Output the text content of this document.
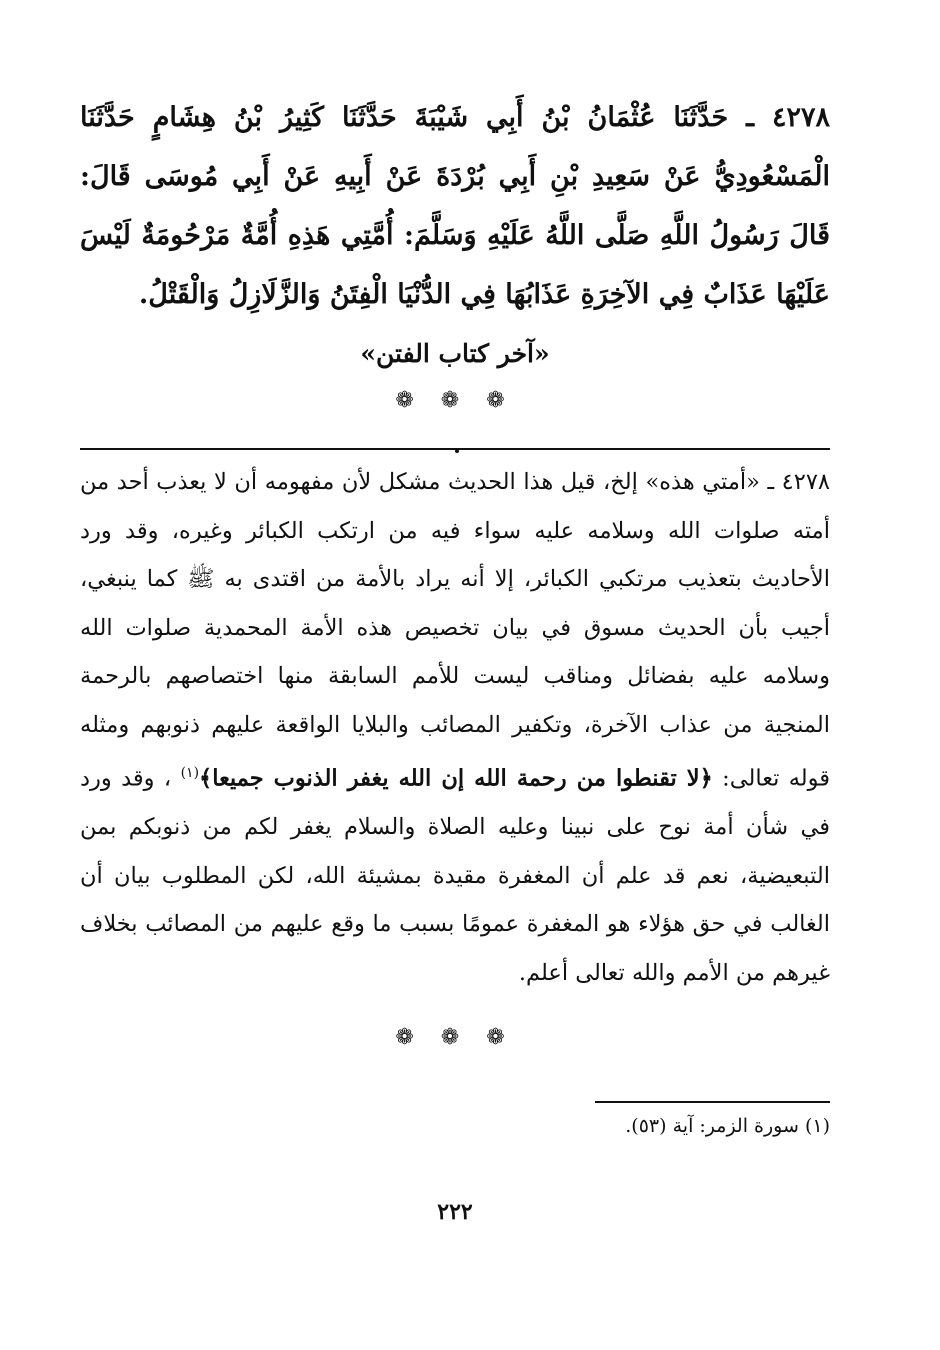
٤٢٧٨ ـ حَدَّثَنَا عُثْمَانُ بْنُ أَبِي شَيْبَةَ حَدَّثَنَا كَثِيرُ بْنُ هِشَامٍ حَدَّثَنَا الْمَسْعُودِيُّ عَنْ سَعِيدِ بْنِ أَبِي بُرْدَةَ عَنْ أَبِيهِ عَنْ أَبِي مُوسَى قَالَ: قَالَ رَسُولُ اللَّهِ صَلَّى اللَّهُ عَلَيْهِ وَسَلَّمَ: أُمَّتِي هَذِهِ أُمَّةٌ مَرْحُومَةٌ لَيْسَ عَلَيْهَا عَذَابٌ فِي الآخِرَةِ عَذَابُهَا فِي الدُّنْيَا الْفِتَنُ وَالزَّلَازِلُ وَالْقَتْلُ.

«آخر كتاب الفتن»
❁ ❁ ❁

٤٢٧٨ ـ «أمتي هذه» إلخ، قيل هذا الحديث مشكل لأن مفهومه أن لا يعذب أحد من أمته صلوات الله وسلامه عليه سواء فيه من ارتكب الكبائر وغيره، وقد ورد الأحاديث بتعذيب مرتكبي الكبائر، إلا أنه يراد بالأمة من اقتدى به ﷺ كما ينبغي، أجيب بأن الحديث مسوق في بيان تخصيص هذه الأمة المحمدية صلوات الله وسلامه عليه بفضائل ومناقب ليست للأمم السابقة منها اختصاصهم بالرحمة المنجية من عذاب الآخرة، وتكفير المصائب والبلايا الواقعة عليهم ذنوبهم ومثله قوله تعالى: ﴿لا تقنطوا من رحمة الله إن الله يغفر الذنوب جميعا﴾$^{(١)}$ ، وقد ورد في شأن أمة نوح على نبينا وعليه الصلاة والسلام يغفر لكم من ذنوبكم بمن التبعيضية، نعم قد علم أن المغفرة مقيدة بمشيئة الله، لكن المطلوب بيان أن الغالب في حق هؤلاء هو المغفرة عمومًا بسبب ما وقع عليهم من المصائب بخلاف غيرهم من الأمم والله تعالى أعلم.

❁ ❁ ❁
(١) سورة الزمر: آية (٥٣).
٢٢٢
